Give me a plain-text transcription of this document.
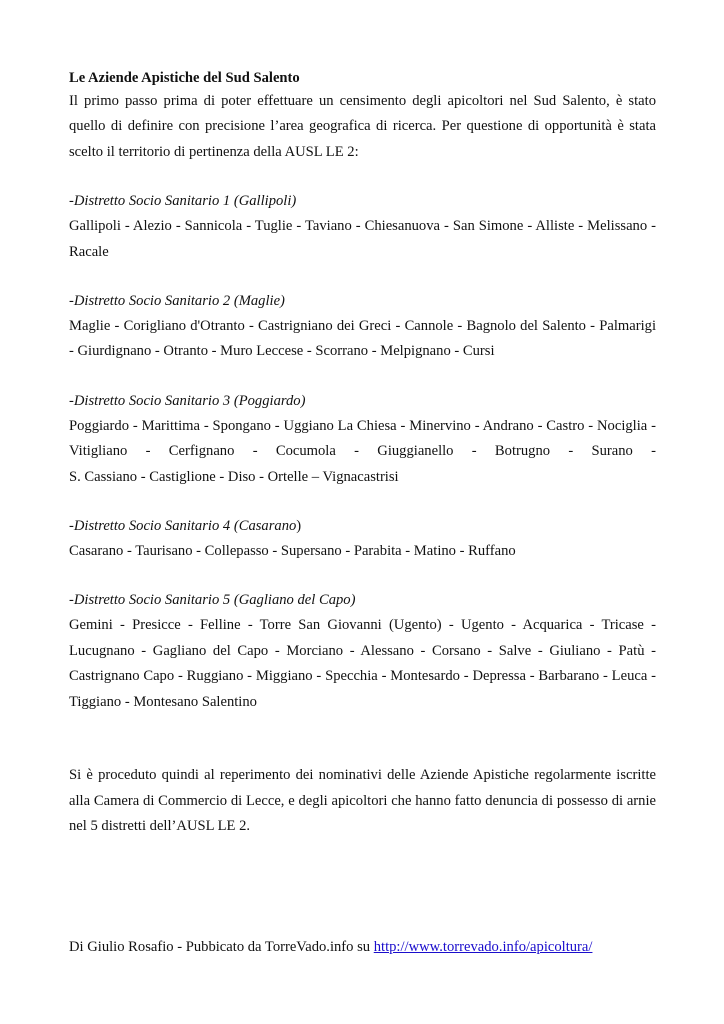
Le Aziende Apistiche del Sud Salento

Il primo passo prima di poter effettuare un censimento degli apicoltori nel Sud Salento, è stato quello di definire con precisione l’area geografica di ricerca. Per questione di opportunità è stata scelto il territorio di pertinenza della AUSL LE 2:

-Distretto Socio Sanitario 1 (Gallipoli)

Gallipoli - Alezio - Sannicola - Tuglie - Taviano - Chiesanuova - San Simone - Alliste - Melissano -
Racale

-Distretto Socio Sanitario 2 (Maglie)

Maglie - Corigliano d'Otranto - Castrigniano dei Greci - Cannole - Bagnolo del Salento - Palmarigi
- Giurdignano - Otranto - Muro Leccese - Scorrano - Melpignano - Cursi

-Distretto Socio Sanitario 3 (Poggiardo)

Poggiardo - Marittima - Spongano - Uggiano La Chiesa - Minervino - Andrano - Castro - Nociglia -
Vitigliano - Cerfignano - Cocumola - Giuggianello - Botrugno - Surano -
S. Cassiano - Castiglione - Diso - Ortelle – Vignacastrisi

-Distretto Socio Sanitario 4 (Casarano)

Casarano - Taurisano - Collepasso - Supersano - Parabita - Matino - Ruffano

-Distretto Socio Sanitario 5 (Gagliano del Capo)

Gemini - Presicce - Felline - Torre San Giovanni (Ugento) - Ugento - Acquarica - Tricase -
Lucugnano - Gagliano del Capo - Morciano - Alessano - Corsano - Salve - Giuliano - Patù -
Castrignano Capo - Ruggiano - Miggiano - Specchia - Montesardo - Depressa - Barbarano - Leuca -
Tiggiano - Montesano Salentino

Si è proceduto quindi al reperimento dei nominativi delle Aziende Apistiche regolarmente iscritte alla Camera di Commercio di Lecce, e degli apicoltori che hanno fatto denuncia di possesso di arnie nel 5 distretti dell’AUSL LE 2.

Di Giulio Rosafio - Pubbicato da TorreVado.info su http://www.torrevado.info/apicoltura/
